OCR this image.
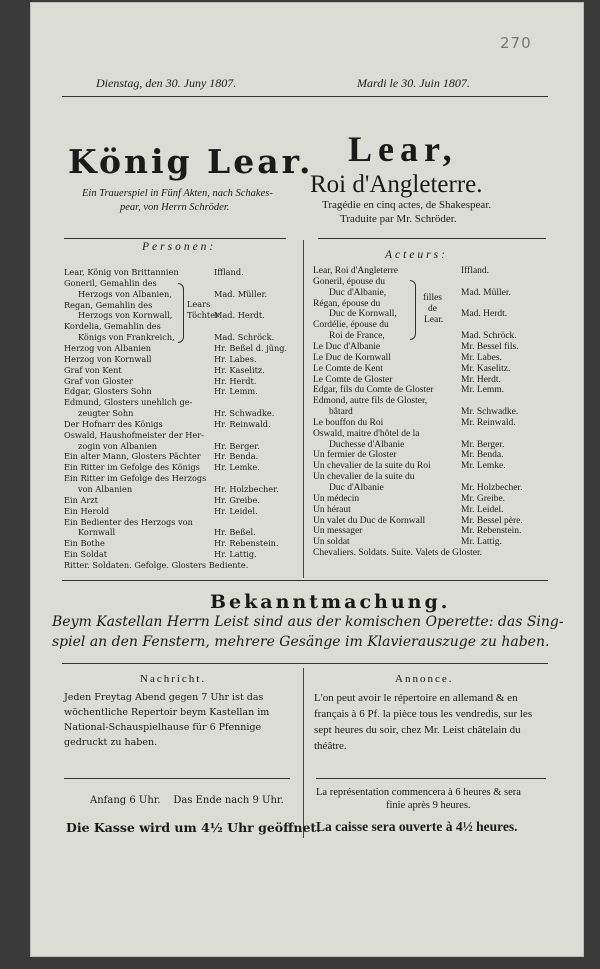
270
Dienstag, den 30. Juny 1807.	Mardi le 30. Juin 1807.
König Lear.
Ein Trauerspiel in Fünf Akten, nach Schakes-
pear, von Herrn Schröder.
Lear,
Roi d'Angleterre.
Tragédie en cinq actes, de Shakespear.
Traduite par Mr. Schröder.
Personen:
Acteurs:
Lear, König von Brittannien	Iffland.
Goneril, Gemahlin des
Herzogs von Albanien,	Mad. Müller.
Regan, Gemahlin des
Herzogs von Kornwall,	Mad. Herdt.
Kordelia, Gemahlin des
Königs von Frankreich,	Mad. Schröck.
Herzog von Albanien	Hr. Beßel d. jüng.
Herzog von Kornwall	Hr. Labes.
Graf von Kent	Hr. Kaselitz.
Graf von Gloster	Hr. Herdt.
Edgar, Glosters Sohn	Hr. Lemm.
Edmund, Glosters unehlich ge-
zeugter Sohn	Hr. Schwadke.
Der Hofnarr des Königs	Hr. Reinwald.
Oswald, Haushofmeister der Her-
zogin von Albanien	Hr. Berger.
Ein alter Mann, Glosters Pächter Hr. Benda.
Ein Ritter im Gefolge des Königs Hr. Lemke.
Ein Ritter im Gefolge des Herzogs
von Albanien	Hr. Holzbecher.
Ein Arzt	Hr. Greibe.
Ein Herold	Hr. Leidel.
Ein Bedienter des Herzogs von
Kornwall	Hr. Beßel.
Ein Bothe	Hr. Rebenstein.
Ein Soldat	Hr. Lattig.
Ritter. Soldaten. Gefolge. Glosters Bediente.
Lears
Töchter
Lear, Roi d'Angleterre	Iffland.
Goneril, épouse du
Duc d'Albanie,	Mad. Müller.
Régan, épouse du
Duc de Kornwall,	Mad. Herdt.
Cordélie, épouse du
Roi de France,	Mad. Schröck.
Le Duc d'Albanie	Mr. Bessel fils.
Le Duc de Kornwall	Mr. Labes.
Le Comte de Kent	Mr. Kaselitz.
Le Comte de Gloster	Mr. Herdt.
Edgar, fils du Comte de Gloster	Mr. Lemm.
Edmond, autre fils de Gloster,
bâtard	Mr. Schwadke.
Le bouffon du Roi	Mr. Reinwald.
Oswald, maitre d'hôtel de la
Duchesse d'Albanie	Mr. Berger.
Un fermier de Gloster	Mr. Benda.
Un chevalier de la suite du Roi	Mr. Lemke.
Un chevalier de la suite du
Duc d'Albanie	Mr. Holzbecher.
Un médecin	Mr. Greibe.
Un héraut	Mr. Leidel.
Un valet du Duc de Kornwall	Mr. Bessel père.
Un messager	Mr. Rebenstein.
Un soldat	Mr. Lattig.
Chevaliers. Soldats. Suite. Valets de Gloster.
filles
de
Lear.
Bekanntmachung.
Beym Kastellan Herrn Leist sind aus der komischen Operette: das Sing-
spiel an den Fenstern, mehrere Gesänge im Klavierauszuge zu haben.
Nachricht.
Jeden Freytag Abend gegen 7 Uhr ist das wöchentliche Repertoir beym Kastellan im National-Schauspielhause für 6 Pfennige gedruckt zu haben.
Annonce.
L'on peut avoir le répertoire en allemand & en français à 6 Pf. la pièce tous les vendredis, sur les sept heures du soir, chez Mr. Leist châtelain du théâtre.
Anfang 6 Uhr.    Das Ende nach 9 Uhr.
La représentation commencera à 6 heures & sera
finie après 9 heures.
Die Kasse wird um 4½ Uhr geöffnet.
La caisse sera ouverte à 4½ heures.
